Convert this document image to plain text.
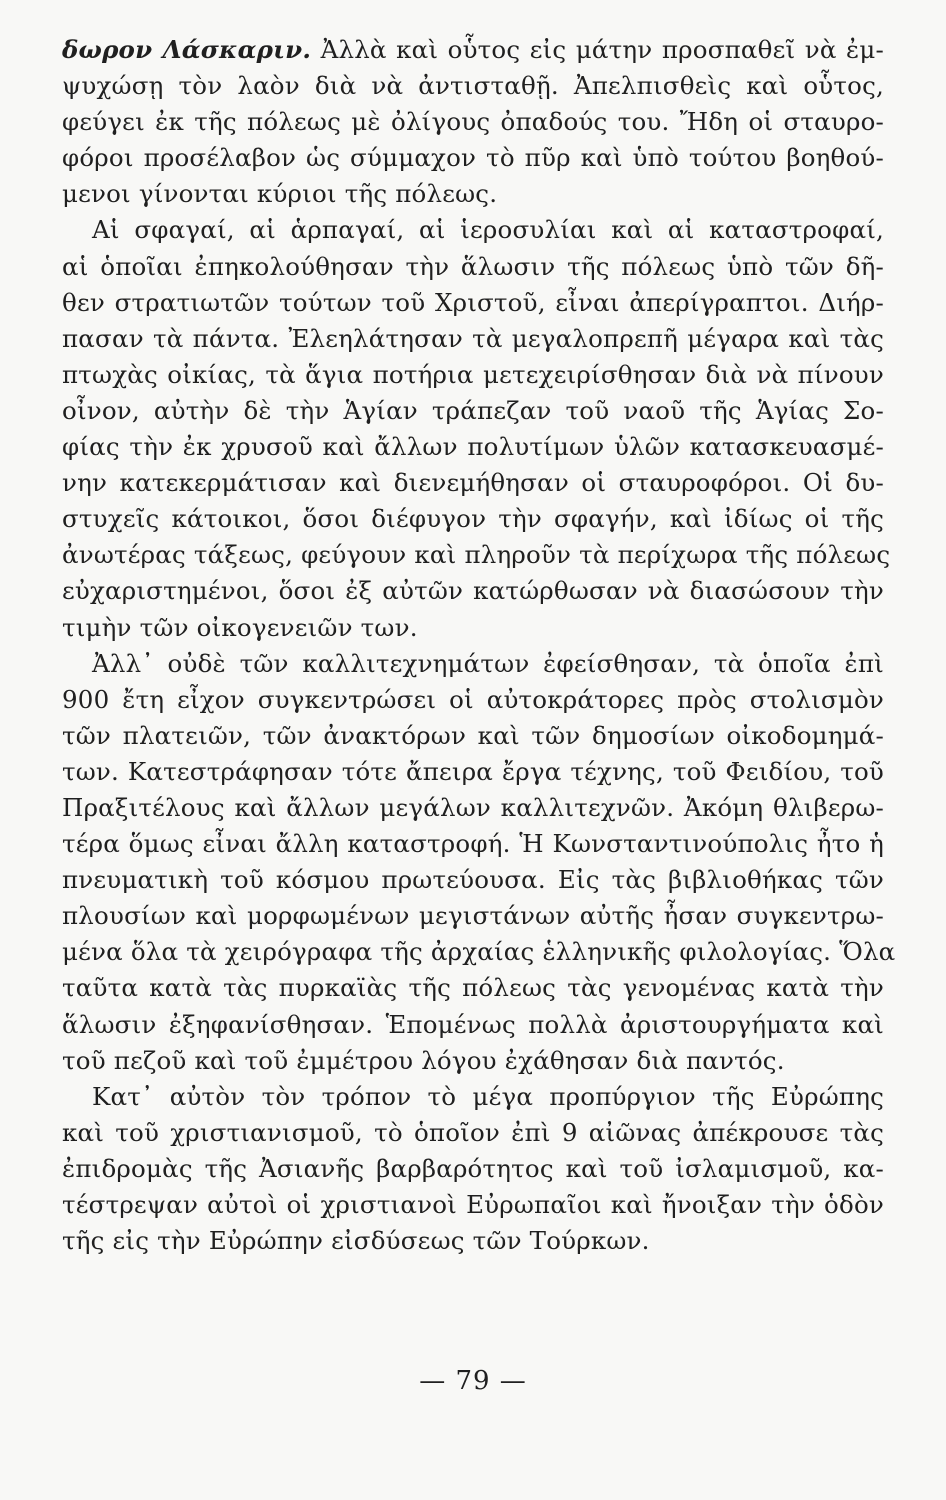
δωρον Λάσκαριν. Ἀλλὰ καὶ οὗτος εἰς μάτην προσπαθεῖ νὰ ἐμ-
ψυχώσῃ τὸν λαὸν διὰ νὰ ἀντισταθῇ. Ἀπελπισθεὶς καὶ οὗτος,
φεύγει ἐκ τῆς πόλεως μὲ ὀλίγους ὀπαδούς του. Ἤδη οἱ σταυρο-
φόροι προσέλαβον ὡς σύμμαχον τὸ πῦρ καὶ ὑπὸ τούτου βοηθού-
μενοι γίνονται κύριοι τῆς πόλεως.
Αἱ σφαγαί, αἱ ἁρπαγαί, αἱ ἱεροσυλίαι καὶ αἱ καταστροφαί,
αἱ ὁποῖαι ἐπηκολούθησαν τὴν ἅλωσιν τῆς πόλεως ὑπὸ τῶν δῆ-
θεν στρατιωτῶν τούτων τοῦ Χριστοῦ, εἶναι ἀπερίγραπτοι. Διήρ-
πασαν τὰ πάντα. Ἐλεηλάτησαν τὰ μεγαλοπρεπῆ μέγαρα καὶ τὰς
πτωχὰς οἰκίας, τὰ ἅγια ποτήρια μετεχειρίσθησαν διὰ νὰ πίνουν
οἶνον, αὐτὴν δὲ τὴν Ἁγίαν τράπεζαν τοῦ ναοῦ τῆς Ἁγίας Σο-
φίας τὴν ἐκ χρυσοῦ καὶ ἄλλων πολυτίμων ὑλῶν κατασκευασμέ-
νην κατεκερμάτισαν καὶ διενεμήθησαν οἱ σταυροφόροι. Οἱ δυ-
στυχεῖς κάτοικοι, ὅσοι διέφυγον τὴν σφαγήν, καὶ ἰδίως οἱ τῆς
ἀνωτέρας τάξεως, φεύγουν καὶ πληροῦν τὰ περίχωρα τῆς πόλεως
εὐχαριστημένοι, ὅσοι ἐξ αὐτῶν κατώρθωσαν νὰ διασώσουν τὴν
τιμὴν τῶν οἰκογενειῶν των.
Ἀλλ᾽ οὐδὲ τῶν καλλιτεχνημάτων ἐφείσθησαν, τὰ ὁποῖα ἐπὶ
900 ἔτη εἶχον συγκεντρώσει οἱ αὐτοκράτορες πρὸς στολισμὸν
τῶν πλατειῶν, τῶν ἀνακτόρων καὶ τῶν δημοσίων οἰκοδομημά-
των. Κατεστράφησαν τότε ἄπειρα ἔργα τέχνης, τοῦ Φειδίου, τοῦ
Πραξιτέλους καὶ ἄλλων μεγάλων καλλιτεχνῶν. Ἀκόμη θλιβερω-
τέρα ὅμως εἶναι ἄλλη καταστροφή. Ἡ Κωνσταντινούπολις ἦτο ἡ
πνευματικὴ τοῦ κόσμου πρωτεύουσα. Εἰς τὰς βιβλιοθήκας τῶν
πλουσίων καὶ μορφωμένων μεγιστάνων αὐτῆς ἦσαν συγκεντρω-
μένα ὅλα τὰ χειρόγραφα τῆς ἀρχαίας ἑλληνικῆς φιλολογίας. Ὅλα
ταῦτα κατὰ τὰς πυρκαϊὰς τῆς πόλεως τὰς γενομένας κατὰ τὴν
ἅλωσιν ἐξηφανίσθησαν. Ἑπομένως πολλὰ ἀριστουργήματα καὶ
τοῦ πεζοῦ καὶ τοῦ ἐμμέτρου λόγου ἐχάθησαν διὰ παντός.
Κατ᾽ αὐτὸν τὸν τρόπον τὸ μέγα προπύργιον τῆς Εὐρώπης
καὶ τοῦ χριστιανισμοῦ, τὸ ὁποῖον ἐπὶ 9 αἰῶνας ἀπέκρουσε τὰς
ἐπιδρομὰς τῆς Ἀσιανῆς βαρβαρότητος καὶ τοῦ ἰσλαμισμοῦ, κα-
τέστρεψαν αὐτοὶ οἱ χριστιανοὶ Εὐρωπαῖοι καὶ ἤνοιξαν τὴν ὁδὸν
τῆς εἰς τὴν Εὐρώπην εἰσδύσεως τῶν Τούρκων.
— 79 —
